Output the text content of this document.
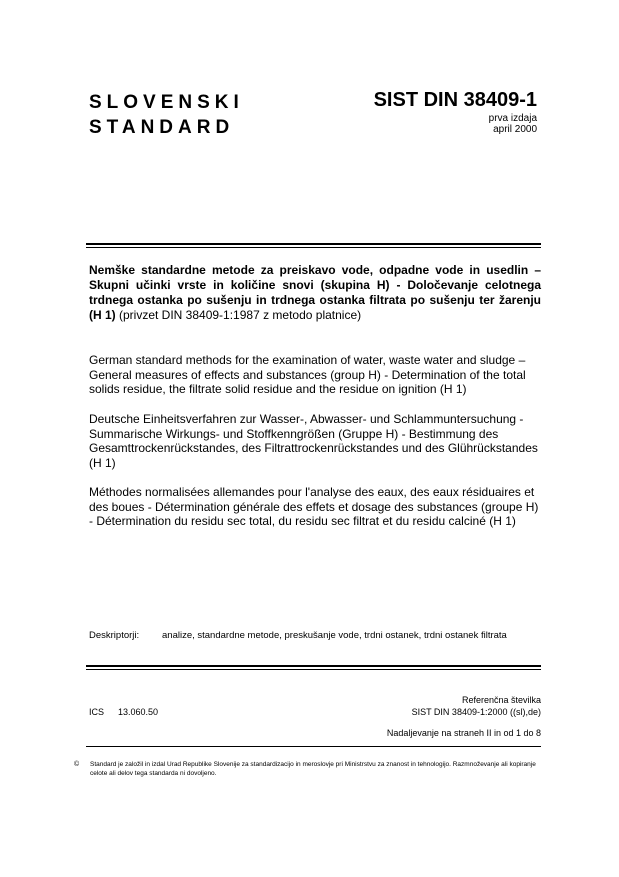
SLOVENSKI
STANDARD
SIST DIN 38409-1
prva izdaja
april 2000
Nemške standardne metode za preiskavo vode, odpadne vode in usedlin – Skupni učinki vrste in količine snovi (skupina H) - Določevanje celotnega trdnega ostanka po sušenju in trdnega ostanka filtrata po sušenju ter žarenju (H 1) (privzet DIN 38409-1:1987 z metodo platnice)
German standard methods for the examination of water, waste water and sludge – General measures of effects and substances (group H) - Determination of the total solids residue, the filtrate solid residue and the residue on ignition (H 1)
Deutsche Einheitsverfahren zur Wasser-, Abwasser- und Schlammuntersuchung - Summarische Wirkungs- und Stoffkenngrößen (Gruppe H) - Bestimmung des Gesamttrockenrückstandes, des Filtrattrockenrückstandes und des Glührückstandes (H 1)
Méthodes normalisées allemandes pour l'analyse des eaux, des eaux résiduaires et des boues - Détermination générale des effets et dosage des substances (groupe H) - Détermination du residu sec total, du residu sec filtrat et du residu calciné (H 1)
Deskriptorji: analize, standardne metode, preskušanje vode, trdni ostanek, trdni ostanek filtrata
ICS 13.060.50
Referenčna številka
SIST DIN 38409-1:2000 ((sl),de)
Nadaljevanje na straneh II in od 1 do 8
© Standard je založil in izdal Urad Republike Slovenije za standardizacijo in meroslovje pri Ministrstvu za znanost in tehnologijo. Razmnoževanje ali kopiranje celote ali delov tega standarda ni dovoljeno.
